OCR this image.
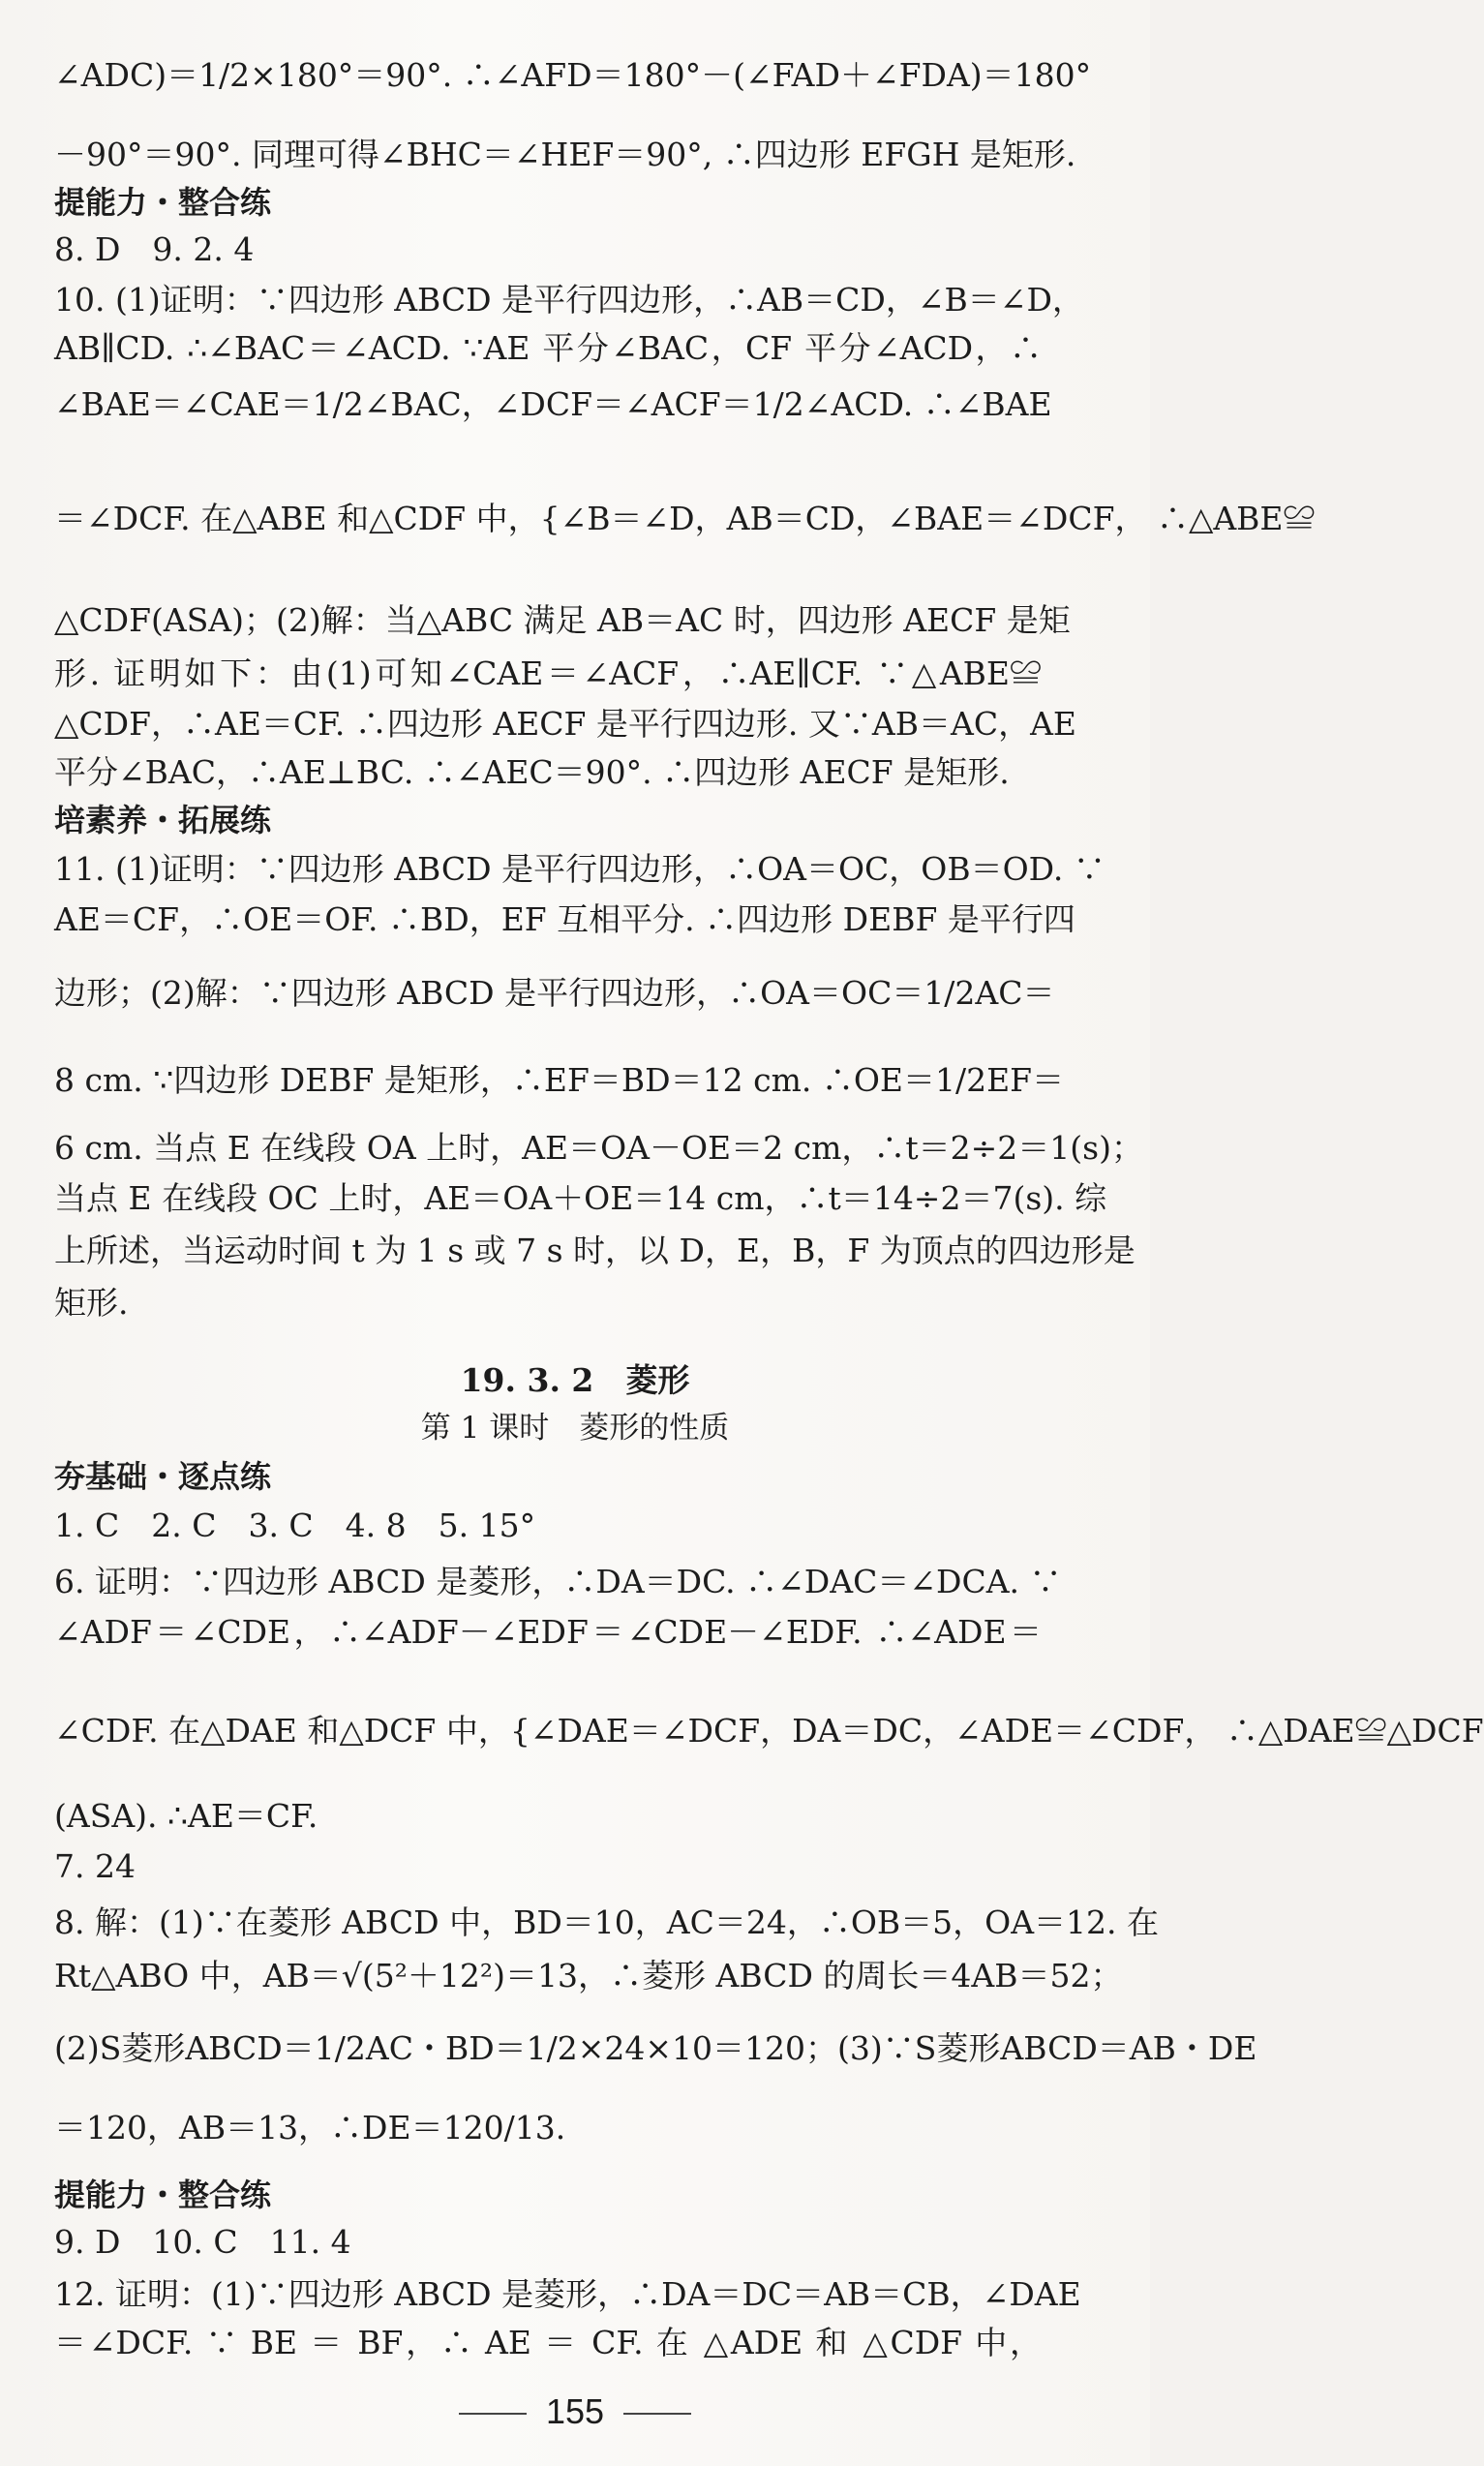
∠ADC)＝1/2×180°＝90°. ∴∠AFD＝180°－(∠FAD＋∠FDA)＝180°
－90°＝90°. 同理可得∠BHC＝∠HEF＝90°, ∴四边形 EFGH 是矩形.
提能力・整合练
8. D　9. 2. 4
10. (1)证明：∵四边形 ABCD 是平行四边形，∴AB＝CD，∠B＝∠D，
AB∥CD. ∴∠BAC＝∠ACD. ∵AE 平分∠BAC，CF 平分∠ACD，∴
∠BAE＝∠CAE＝1/2∠BAC，∠DCF＝∠ACF＝1/2∠ACD. ∴∠BAE
＝∠DCF. 在△ABE 和△CDF 中，{∠B＝∠D，AB＝CD，∠BAE＝∠DCF， ∴△ABE≌
△CDF(ASA)；(2)解：当△ABC 满足 AB＝AC 时，四边形 AECF 是矩
形. 证明如下：由(1)可知∠CAE＝∠ACF，∴AE∥CF. ∵△ABE≌
△CDF，∴AE＝CF. ∴四边形 AECF 是平行四边形. 又∵AB＝AC，AE
平分∠BAC，∴AE⊥BC. ∴∠AEC＝90°. ∴四边形 AECF 是矩形.
培素养・拓展练
11. (1)证明：∵四边形 ABCD 是平行四边形，∴OA＝OC，OB＝OD. ∵
AE＝CF，∴OE＝OF. ∴BD，EF 互相平分. ∴四边形 DEBF 是平行四
边形；(2)解：∵四边形 ABCD 是平行四边形，∴OA＝OC＝1/2AC＝
8 cm. ∵四边形 DEBF 是矩形，∴EF＝BD＝12 cm. ∴OE＝1/2EF＝
6 cm. 当点 E 在线段 OA 上时，AE＝OA－OE＝2 cm，∴t＝2÷2＝1(s)；
当点 E 在线段 OC 上时，AE＝OA＋OE＝14 cm，∴t＝14÷2＝7(s). 综
上所述，当运动时间 t 为 1 s 或 7 s 时，以 D，E，B，F 为顶点的四边形是
矩形.
19. 3. 2　菱形
第 1 课时　菱形的性质
夯基础・逐点练
1. C　2. C　3. C　4. 8　5. 15°
6. 证明：∵四边形 ABCD 是菱形，∴DA＝DC. ∴∠DAC＝∠DCA. ∵
∠ADF＝∠CDE，∴∠ADF－∠EDF＝∠CDE－∠EDF. ∴∠ADE＝
∠CDF. 在△DAE 和△DCF 中，{∠DAE＝∠DCF，DA＝DC，∠ADE＝∠CDF， ∴△DAE≌△DCF
(ASA). ∴AE＝CF.
7. 24
8. 解：(1)∵在菱形 ABCD 中，BD＝10，AC＝24，∴OB＝5，OA＝12. 在
Rt△ABO 中，AB＝√(5²＋12²)＝13，∴菱形 ABCD 的周长＝4AB＝52；
(2)S菱形ABCD＝1/2AC・BD＝1/2×24×10＝120；(3)∵S菱形ABCD＝AB・DE
＝120，AB＝13，∴DE＝120/13.
提能力・整合练
9. D　10. C　11. 4
12. 证明：(1)∵四边形 ABCD 是菱形，∴DA＝DC＝AB＝CB，∠DAE
＝∠DCF. ∵ BE ＝ BF，∴ AE ＝ CF. 在 △ADE 和 △CDF 中，
155
